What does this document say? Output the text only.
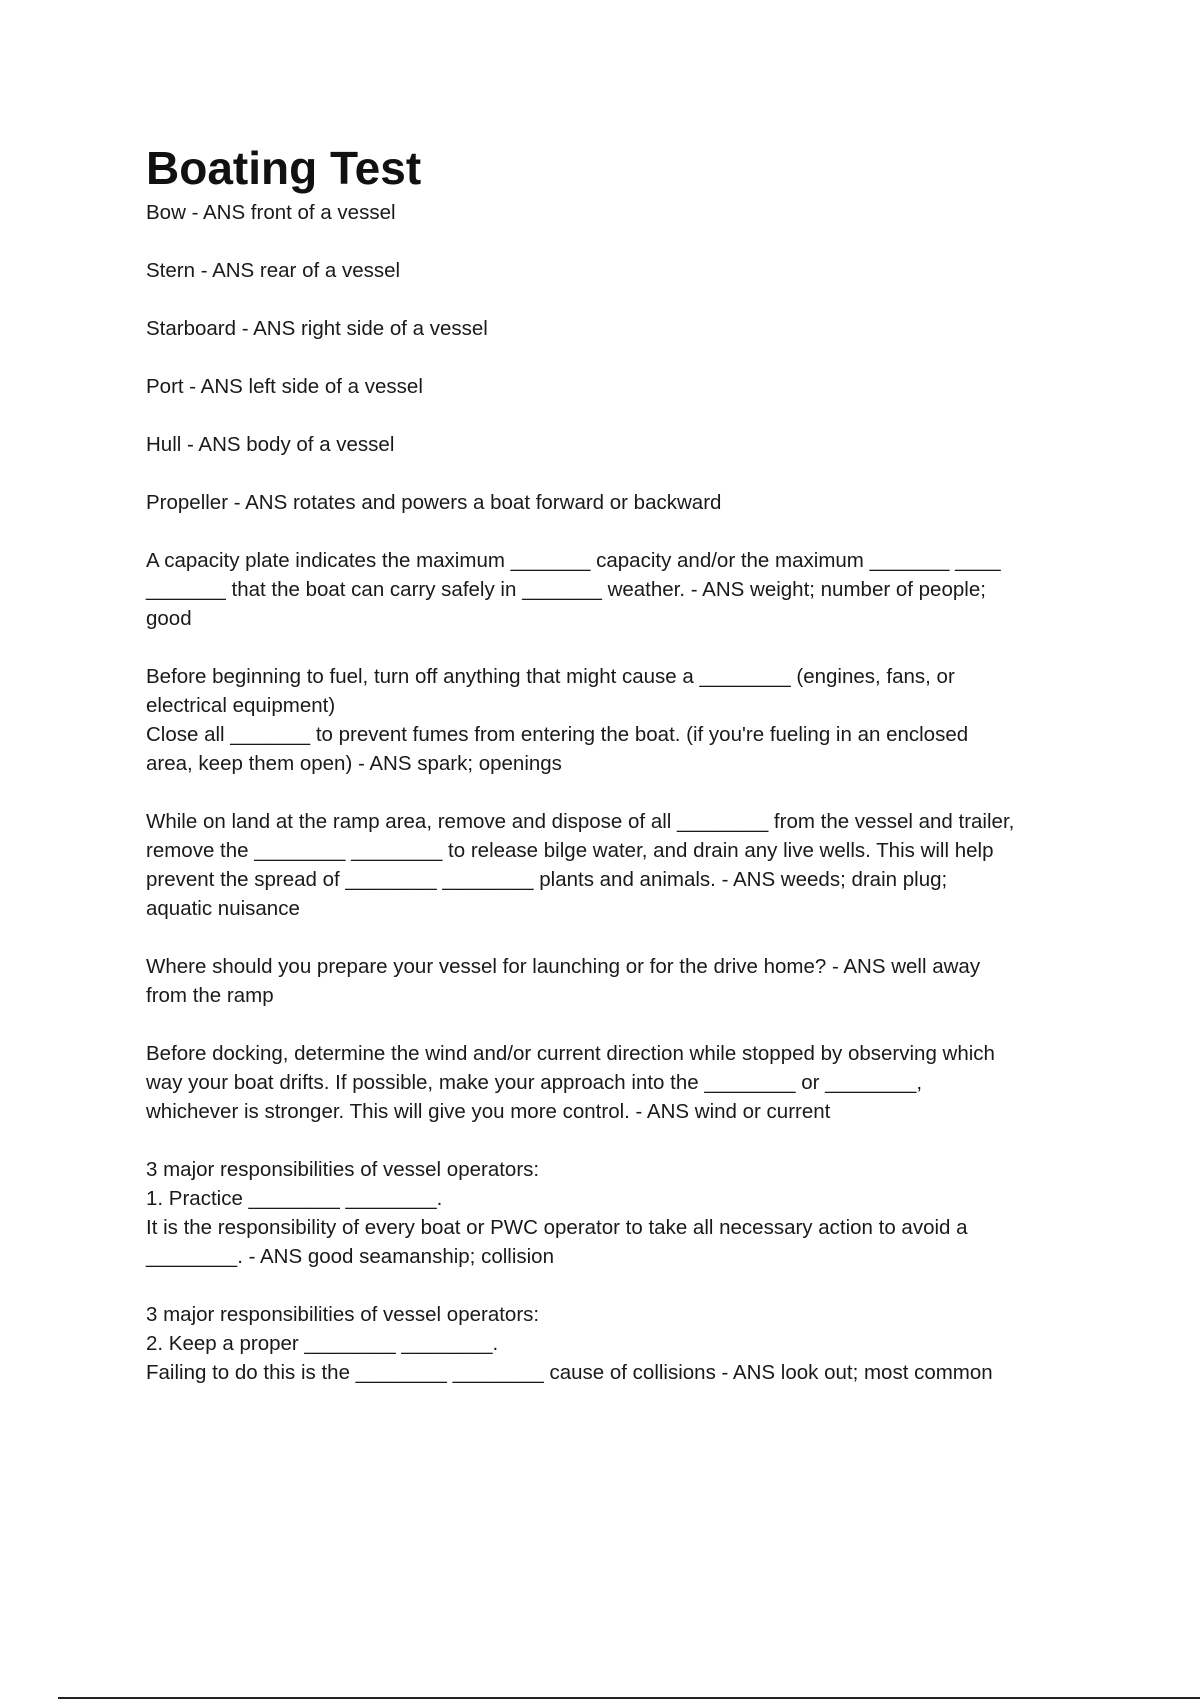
Boating Test
Bow - ANS front of a vessel
Stern - ANS rear of a vessel
Starboard - ANS right side of a vessel
Port - ANS left side of a vessel
Hull - ANS body of a vessel
Propeller - ANS rotates and powers a boat forward or backward
A capacity plate indicates the maximum _______ capacity and/or the maximum _______ ____
_______ that the boat can carry safely in _______ weather. - ANS weight; number of people;
good
Before beginning to fuel, turn off anything that might cause a ________ (engines, fans, or
electrical equipment)
Close all _______ to prevent fumes from entering the boat. (if you're fueling in an enclosed
area, keep them open) - ANS spark; openings
While on land at the ramp area, remove and dispose of all ________ from the vessel and trailer,
remove the ________ ________ to release bilge water, and drain any live wells. This will help
prevent the spread of ________ ________ plants and animals. - ANS weeds; drain plug;
aquatic nuisance
Where should you prepare your vessel for launching or for the drive home? - ANS well away
from the ramp
Before docking, determine the wind and/or current direction while stopped by observing which
way your boat drifts. If possible, make your approach into the ________ or ________,
whichever is stronger. This will give you more control. - ANS wind or current
3 major responsibilities of vessel operators:
1. Practice ________ ________.
It is the responsibility of every boat or PWC operator to take all necessary action to avoid a
________. - ANS good seamanship; collision
3 major responsibilities of vessel operators:
2. Keep a proper ________ ________.
Failing to do this is the ________ ________ cause of collisions - ANS look out; most common
